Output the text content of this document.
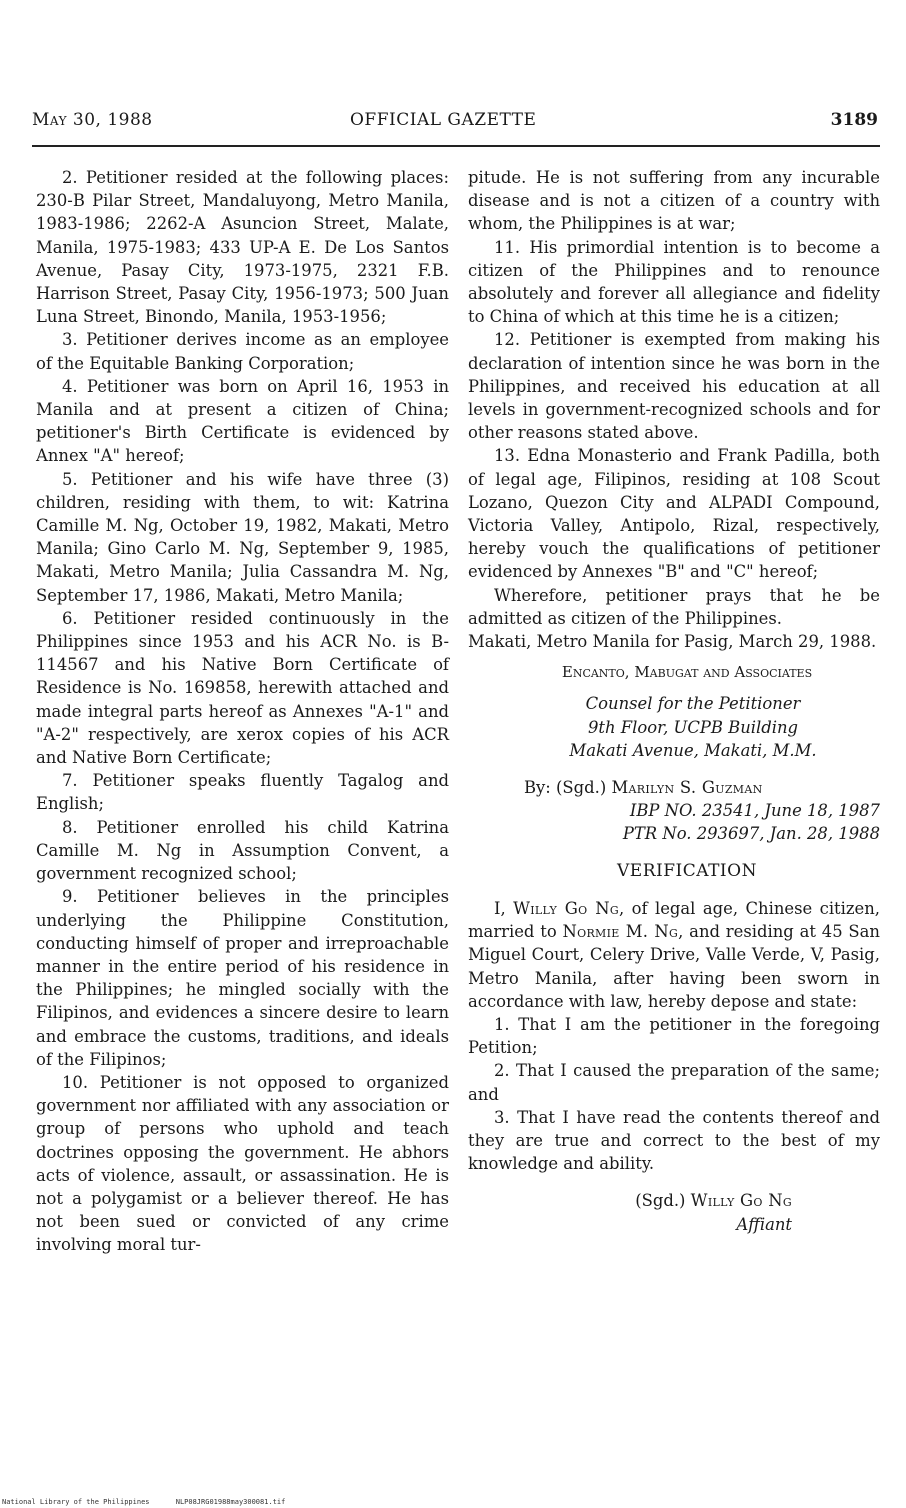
May 30, 1988	OFFICIAL GAZETTE	3189

2. Petitioner resided at the following places: 230-B Pilar Street, Mandaluyong, Metro Manila, 1983-1986; 2262-A Asuncion Street, Malate, Manila, 1975-1983; 433 UP-A E. De Los Santos Avenue, Pasay City, 1973-1975, 2321 F.B. Harrison Street, Pasay City, 1956-1973; 500 Juan Luna Street, Binondo, Manila, 1953-1956;

3. Petitioner derives income as an employee of the Equitable Banking Corporation;

4. Petitioner was born on April 16, 1953 in Manila and at present a citizen of China; petitioner's Birth Certificate is evidenced by Annex "A" hereof;

5. Petitioner and his wife have three (3) children, residing with them, to wit: Katrina Camille M. Ng, October 19, 1982, Makati, Metro Manila; Gino Carlo M. Ng, September 9, 1985, Makati, Metro Manila; Julia Cassandra M. Ng, September 17, 1986, Makati, Metro Manila;

6. Petitioner resided continuously in the Philippines since 1953 and his ACR No. is B-114567 and his Native Born Certificate of Residence is No. 169858, herewith attached and made integral parts hereof as Annexes "A-1" and "A-2" respectively, are xerox copies of his ACR and Native Born Certificate;

7. Petitioner speaks fluently Tagalog and English;

8. Petitioner enrolled his child Katrina Camille M. Ng in Assumption Convent, a government recognized school;

9. Petitioner believes in the principles underlying the Philippine Constitution, conducting himself of proper and irreproachable manner in the entire period of his residence in the Philippines; he mingled socially with the Filipinos, and evidences a sincere desire to learn and embrace the customs, traditions, and ideals of the Filipinos;

10. Petitioner is not opposed to organized government nor affiliated with any association or group of persons who uphold and teach doctrines opposing the government. He abhors acts of violence, assault, or assassination. He is not a polygamist or a believer thereof. He has not been sued or convicted of any crime involving moral tur-

pitude. He is not suffering from any incurable disease and is not a citizen of a country with whom, the Philippines is at war;

11. His primordial intention is to become a citizen of the Philippines and to renounce absolutely and forever all allegiance and fidelity to China of which at this time he is a citizen;

12. Petitioner is exempted from making his declaration of intention since he was born in the Philippines, and received his education at all levels in government-recognized schools and for other reasons stated above.

13. Edna Monasterio and Frank Padilla, both of legal age, Filipinos, residing at 108 Scout Lozano, Quezon City and ALPADI Compound, Victoria Valley, Antipolo, Rizal, respectively, hereby vouch the qualifications of petitioner evidenced by Annexes "B" and "C" hereof;

Wherefore, petitioner prays that he be admitted as citizen of the Philippines.

Makati, Metro Manila for Pasig, March 29, 1988.

Encanto, Mabugat and Associates

Counsel for the Petitioner
9th Floor, UCPB Building
Makati Avenue, Makati, M.M.
By: (Sgd.) Marilyn S. Guzman
IBP NO. 23541, June 18, 1987
PTR No. 293697, Jan. 28, 1988

VERIFICATION

I, Willy Go Ng, of legal age, Chinese citizen, married to Normie M. Ng, and residing at 45 San Miguel Court, Celery Drive, Valle Verde, V, Pasig, Metro Manila, after having been sworn in accordance with law, hereby depose and state:

1. That I am the petitioner in the foregoing Petition;

2. That I caused the preparation of the same; and

3. That I have read the contents thereof and they are true and correct to the best of my knowledge and ability.

(Sgd.) Willy Go Ng
Affiant
National Library of the Philippines	NLP08JRG01988may300081.tif
